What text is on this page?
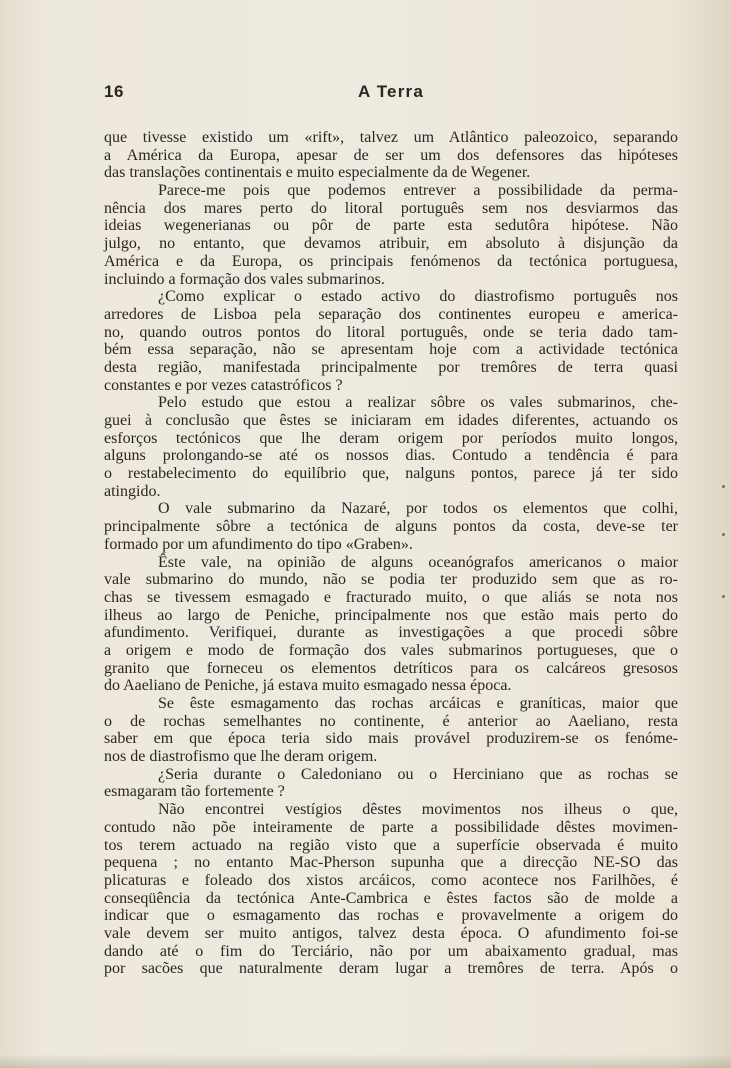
16	A Terra
que tivesse existido um «rift», talvez um Atlântico paleozoico, separando
a América da Europa, apesar de ser um dos defensores das hipóteses
das translações continentais e muito especialmente da de Wegener.
Parece-me pois que podemos entrever a possibilidade da perma-
nência dos mares perto do litoral português sem nos desviarmos das
ideias wegenerianas ou pôr de parte esta sedutôra hipótese. Não
julgo, no entanto, que devamos atribuir, em absoluto à disjunção da
América e da Europa, os principais fenómenos da tectónica portuguesa,
incluindo a formação dos vales submarinos.
¿Como explicar o estado activo do diastrofismo português nos
arredores de Lisboa pela separação dos continentes europeu e america-
no, quando outros pontos do litoral português, onde se teria dado tam-
bém essa separação, não se apresentam hoje com a actividade tectónica
desta região, manifestada principalmente por tremôres de terra quasi
constantes e por vezes catastróficos ?
Pelo estudo que estou a realizar sôbre os vales submarinos, che-
guei à conclusão que êstes se iniciaram em idades diferentes, actuando os
esforços tectónicos que lhe deram origem por períodos muito longos,
alguns prolongando-se até os nossos dias. Contudo a tendência é para
o restabelecimento do equilíbrio que, nalguns pontos, parece já ter sido
atingido.
O vale submarino da Nazaré, por todos os elementos que colhi,
principalmente sôbre a tectónica de alguns pontos da costa, deve-se ter
formado por um afundimento do tipo «Graben».
Êste vale, na opinião de alguns oceanógrafos americanos o maior
vale submarino do mundo, não se podia ter produzido sem que as ro-
chas se tivessem esmagado e fracturado muito, o que aliás se nota nos
ilheus ao largo de Peniche, principalmente nos que estão mais perto do
afundimento. Verifiquei, durante as investigações a que procedi sôbre
a origem e modo de formação dos vales submarinos portugueses, que o
granito que forneceu os elementos detríticos para os calcáreos gresosos
do Aaeliano de Peniche, já estava muito esmagado nessa época.
Se êste esmagamento das rochas arcáicas e graníticas, maior que
o de rochas semelhantes no continente, é anterior ao Aaeliano, resta
saber em que época teria sido mais provável produzirem-se os fenóme-
nos de diastrofismo que lhe deram origem.
¿Seria durante o Caledoniano ou o Herciniano que as rochas se
esmagaram tão fortemente ?
Não encontrei vestígios dêstes movimentos nos ilheus o que,
contudo não põe inteiramente de parte a possibilidade dêstes movimen-
tos terem actuado na região visto que a superfície observada é muito
pequena ; no entanto Mac-Pherson supunha que a direcção NE-SO das
plicaturas e foleado dos xistos arcáicos, como acontece nos Farilhões, é
conseqüência da tectónica Ante-Cambrica e êstes factos são de molde a
indicar que o esmagamento das rochas e provavelmente a origem do
vale devem ser muito antigos, talvez desta época. O afundimento foi-se
dando até o fim do Terciário, não por um abaixamento gradual, mas
por sacões que naturalmente deram lugar a tremôres de terra. Após o
